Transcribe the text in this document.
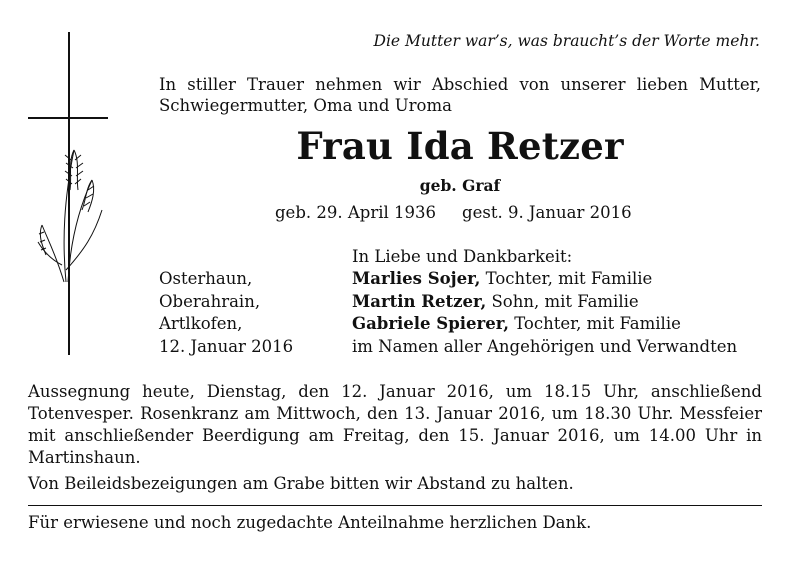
Die Mutter war’s, was braucht’s der Worte mehr.
In stiller Trauer nehmen wir Abschied von unserer lieben Mutter, Schwiegermutter, Oma und Uroma
Frau Ida Retzer
geb. Graf
geb. 29. April 1936 gest. 9. Januar 2016
In Liebe und Dankbarkeit:
Osterhaun,	Marlies Sojer, Tochter, mit Familie
Oberahrain,	Martin Retzer, Sohn, mit Familie
Artlkofen,	Gabriele Spierer, Tochter, mit Familie
12. Januar 2016	im Namen aller Angehörigen und Verwandten
Aussegnung heute, Dienstag, den 12. Januar 2016, um 18.15 Uhr, anschließend Totenvesper. Rosenkranz am Mittwoch, den 13. Januar 2016, um 18.30 Uhr. Messfeier mit anschließender Beerdigung am Freitag, den 15. Januar 2016, um 14.00 Uhr in Martinshaun.
Von Beileidsbezeigungen am Grabe bitten wir Abstand zu halten.
Für erwiesene und noch zugedachte Anteilnahme herzlichen Dank.
